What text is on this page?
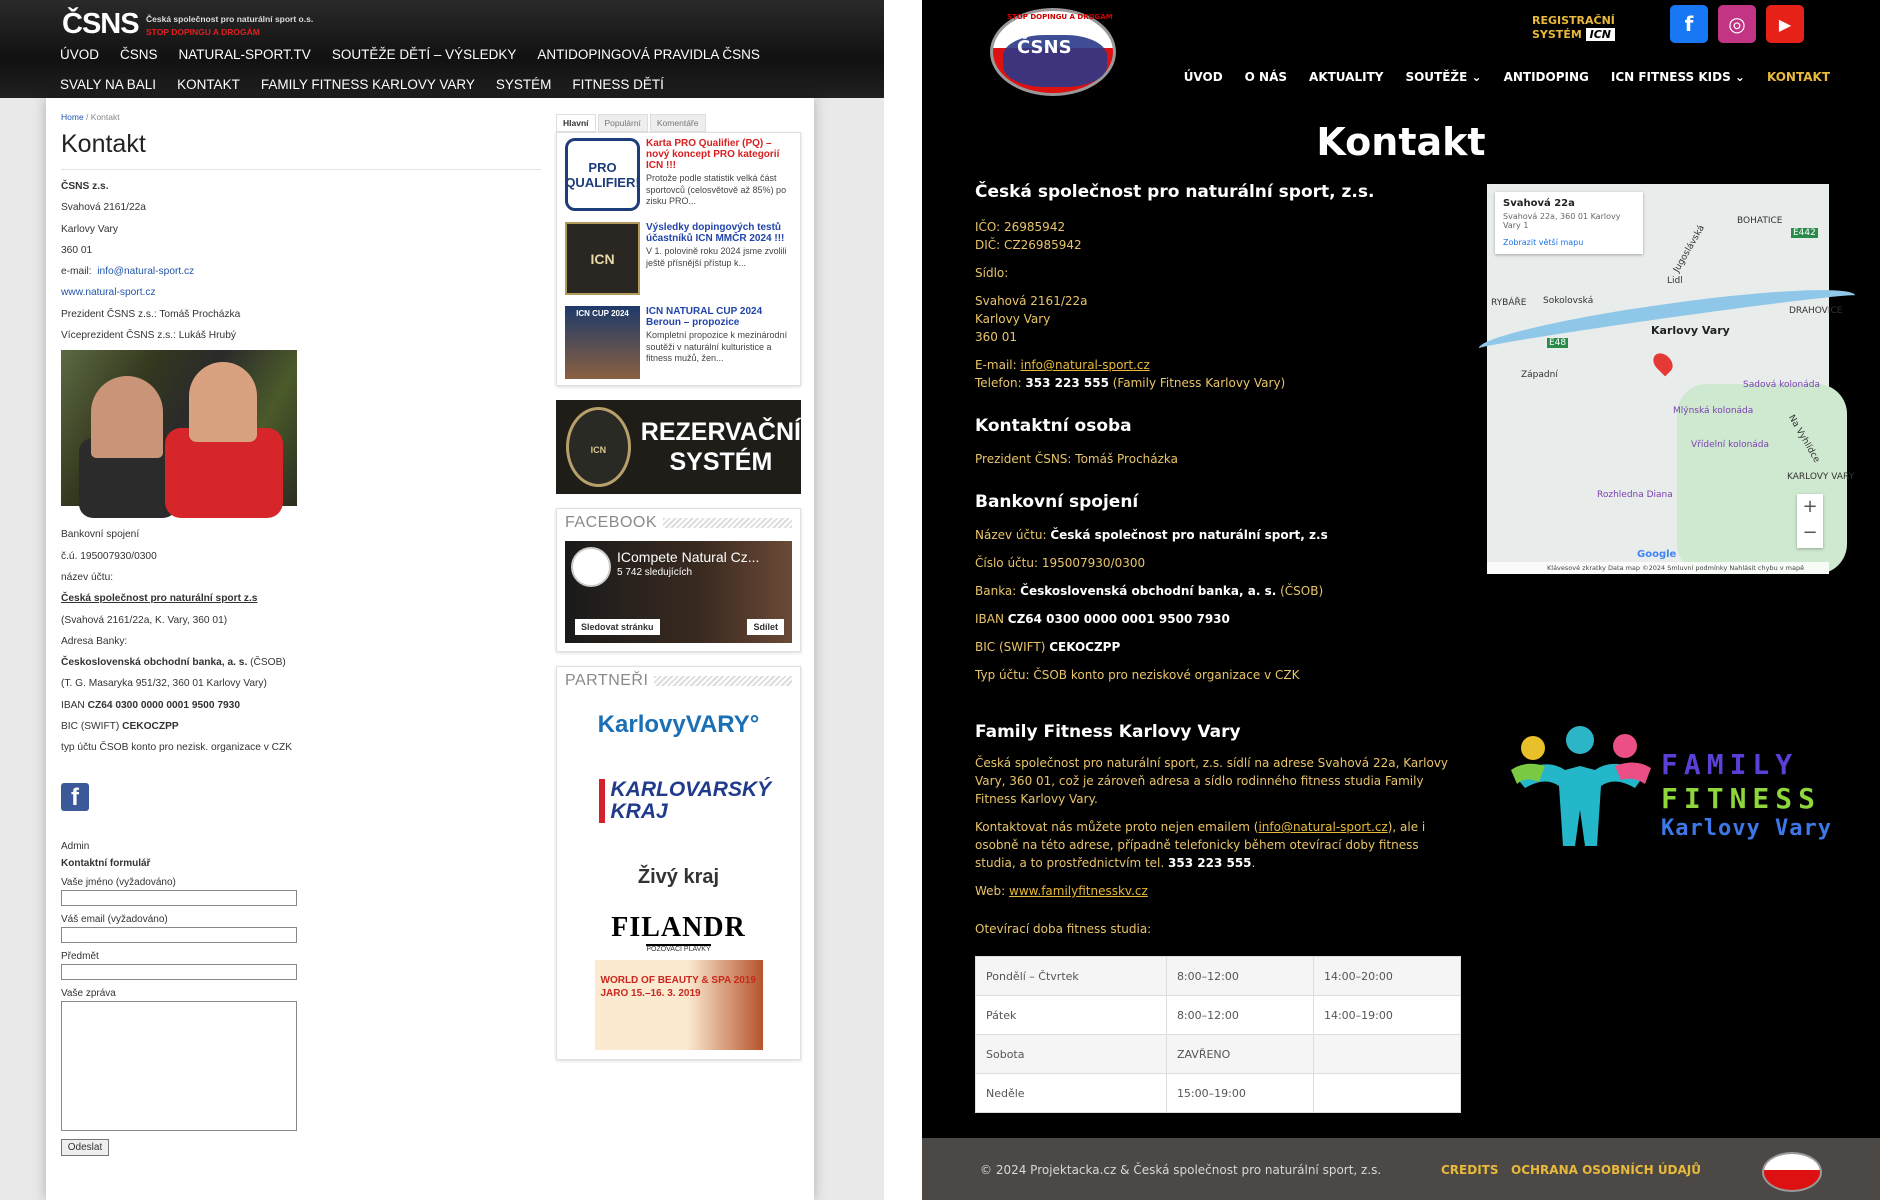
ČSNS Česká společnost pro naturální sport o.s.
STOP DOPINGU A DROGÁM
ÚVOD ČSNS NATURAL-SPORT.TV SOUTĚŽE DĚTÍ – VÝSLEDKY ANTIDOPINGOVÁ PRAVIDLA ČSNS
SVALY NA BALI KONTAKT FAMILY FITNESS KARLOVY VARY SYSTÉM FITNESS DĚTÍ
Home / Kontakt
Kontakt
ČSNS z.s.
Svahová 2161/22a
Karlovy Vary
360 01
e-mail: info@natural-sport.cz
www.natural-sport.cz
Prezident ČSNS z.s.: Tomáš Procházka
Víceprezident ČSNS z.s.: Lukáš Hrubý
Bankovní spojení
č.ú. 195007930/0300
název účtu:
Česká společnost pro naturální sport z.s
(Svahová 2161/22a, K. Vary, 360 01)
Adresa Banky:
Československá obchodní banka, a. s. (ČSOB)
(T. G. Masaryka 951/32, 360 01 Karlovy Vary)
IBAN CZ64 0300 0000 0001 9500 7930
BIC (SWIFT) CEKOCZPP
typ účtu ČSOB konto pro nezisk. organizace v CZK
f
Admin
Kontaktní formulář
Vaše jméno (vyžadováno)
Váš email (vyžadováno)
Předmět
Vaše zpráva
Odeslat
Hlavní	Populární	Komentáře
PRO QUALIFIER!
Karta PRO Qualifier (PQ) – nový koncept PRO kategorií ICN !!!
Protože podle statistik velká část sportovců (celosvětově až 85%) po zisku PRO...
ICN
Výsledky dopingových testů účastníků ICN MMČR 2024 !!!
V 1. polovině roku 2024 jsme zvolili ještě přísnější přístup k...
ICN CUP 2024	ICN NATURAL CUP 2024 Beroun – propozice
Kompletní propozice k mezinárodní soutěži v naturální kulturistice a fitness mužů, žen...
ICN
REZERVAČNÍ
SYSTÉM
FACEBOOK
ICompete Natural Cz...
5 742 sledujících
Sledovat stránku	Sdílet
PARTNEŘI
KarlovyVARY°
KARLOVARSKÝ KRAJ
Živý kraj
FILANDR
POZOVACÍ PLAVKY
WORLD OF BEAUTY & SPA 2019 JARO 15.–16. 3. 2019
STOP DOPINGU A DROGÁM
ČSNS
REGISTRAČNÍ
SYSTÉM ICN	f ◎ ▶
ÚVOD O NÁS AKTUALITY SOUTĚŽE ⌄ ANTIDOPING ICN FITNESS KIDS ⌄ KONTAKT
Kontakt
Česká společnost pro naturální sport, z.s.
IČO: 26985942
DIČ: CZ26985942
Sídlo:
Svahová 2161/22a
Karlovy Vary
360 01
E-mail: info@natural-sport.cz
Telefon: 353 223 555 (Family Fitness Karlovy Vary)
Kontaktní osoba
Prezident ČSNS: Tomáš Procházka
Bankovní spojení
Název účtu: Česká společnost pro naturální sport, z.s
Číslo účtu: 195007930/0300
Banka: Československá obchodní banka, a. s. (ČSOB)
IBAN CZ64 0300 0000 0001 9500 7930
BIC (SWIFT) CEKOCZPP
Typ účtu: ČSOB konto pro neziskové organizace v CZK
Family Fitness Karlovy Vary
Česká společnost pro naturální sport, z.s. sídlí na adrese Svahová 22a, Karlovy Vary, 360 01, což je zároveň adresa a sídlo rodinného fitness studia Family Fitness Karlovy Vary.
Kontaktovat nás můžete proto nejen emailem (info@natural-sport.cz), ale i osobně na této adrese, případně telefonicky během otevírací doby fitness studia, a to prostřednictvím tel. 353 223 555.
Web: www.familyfitnesskv.cz
Otevírací doba fitness studia:
Pondělí – Čtvrtek	8:00–12:00	14:00–20:00
Pátek	8:00–12:00	14:00–19:00
Sobota	ZAVŘENO	
Neděle	15:00–19:00	
BOHATICE
RYBÁŘE Sokolovská
DRAHOVICE
Západní
KARLOVY VARY
Lidl
Karlovy Vary
Sadová kolonáda
Mlýnská kolonáda
Vřídelní kolonáda
Rozhledna Diana
E442
E48
Jugoslávská
Na Vyhlídce
Svahová 22a
Svahová 22a, 360 01 Karlovy Vary 1
Zobrazit větší mapu
+
−
Google
Klávesové zkratky Data map ©2024 Smluvní podmínky Nahlásit chybu v mapě
FAMILY
FITNESS
Karlovy Vary
© 2024 Projektacka.cz & Česká společnost pro naturální sport, z.s.	CREDITS OCHRANA OSOBNÍCH ÚDAJŮ
